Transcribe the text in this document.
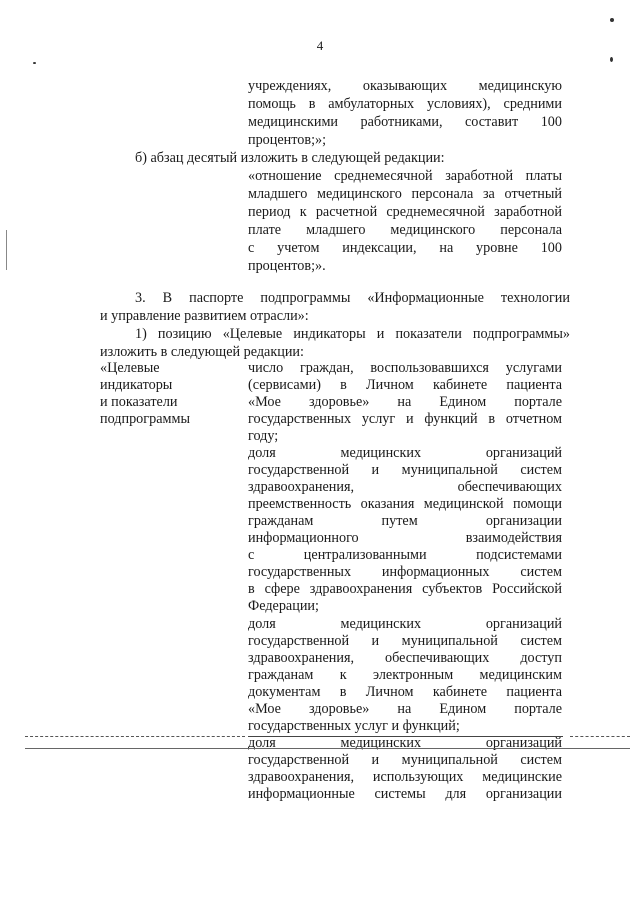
4
учреждениях, оказывающих медицинскую
помощь в амбулаторных условиях), средними
медицинскими работниками, составит 100
процентов;»;
б) абзац десятый изложить в следующей редакции:
«отношение среднемесячной заработной платы
младшего медицинского персонала за отчетный
период к расчетной среднемесячной заработной
плате младшего медицинского персонала
с учетом индексации, на уровне 100
процентов;».
3. В паспорте подпрограммы «Информационные технологии
и управление развитием отрасли»:
1) позицию «Целевые индикаторы и показатели подпрограммы»
изложить в следующей редакции:
«Целевые
индикаторы
и показатели
подпрограммы
число граждан, воспользовавшихся услугами
(сервисами) в Личном кабинете пациента
«Мое здоровье» на Едином портале
государственных услуг и функций в отчетном
году;
доля медицинских организаций
государственной и муниципальной систем
здравоохранения, обеспечивающих
преемственность оказания медицинской помощи
гражданам путем организации
информационного взаимодействия
с централизованными подсистемами
государственных информационных систем
в сфере здравоохранения субъектов Российской
Федерации;
доля медицинских организаций
государственной и муниципальной систем
здравоохранения, обеспечивающих доступ
гражданам к электронным медицинским
документам в Личном кабинете пациента
«Мое здоровье» на Едином портале
государственных услуг и функций;
доля медицинских организаций
государственной и муниципальной систем
здравоохранения, использующих медицинские
информационные системы для организации
